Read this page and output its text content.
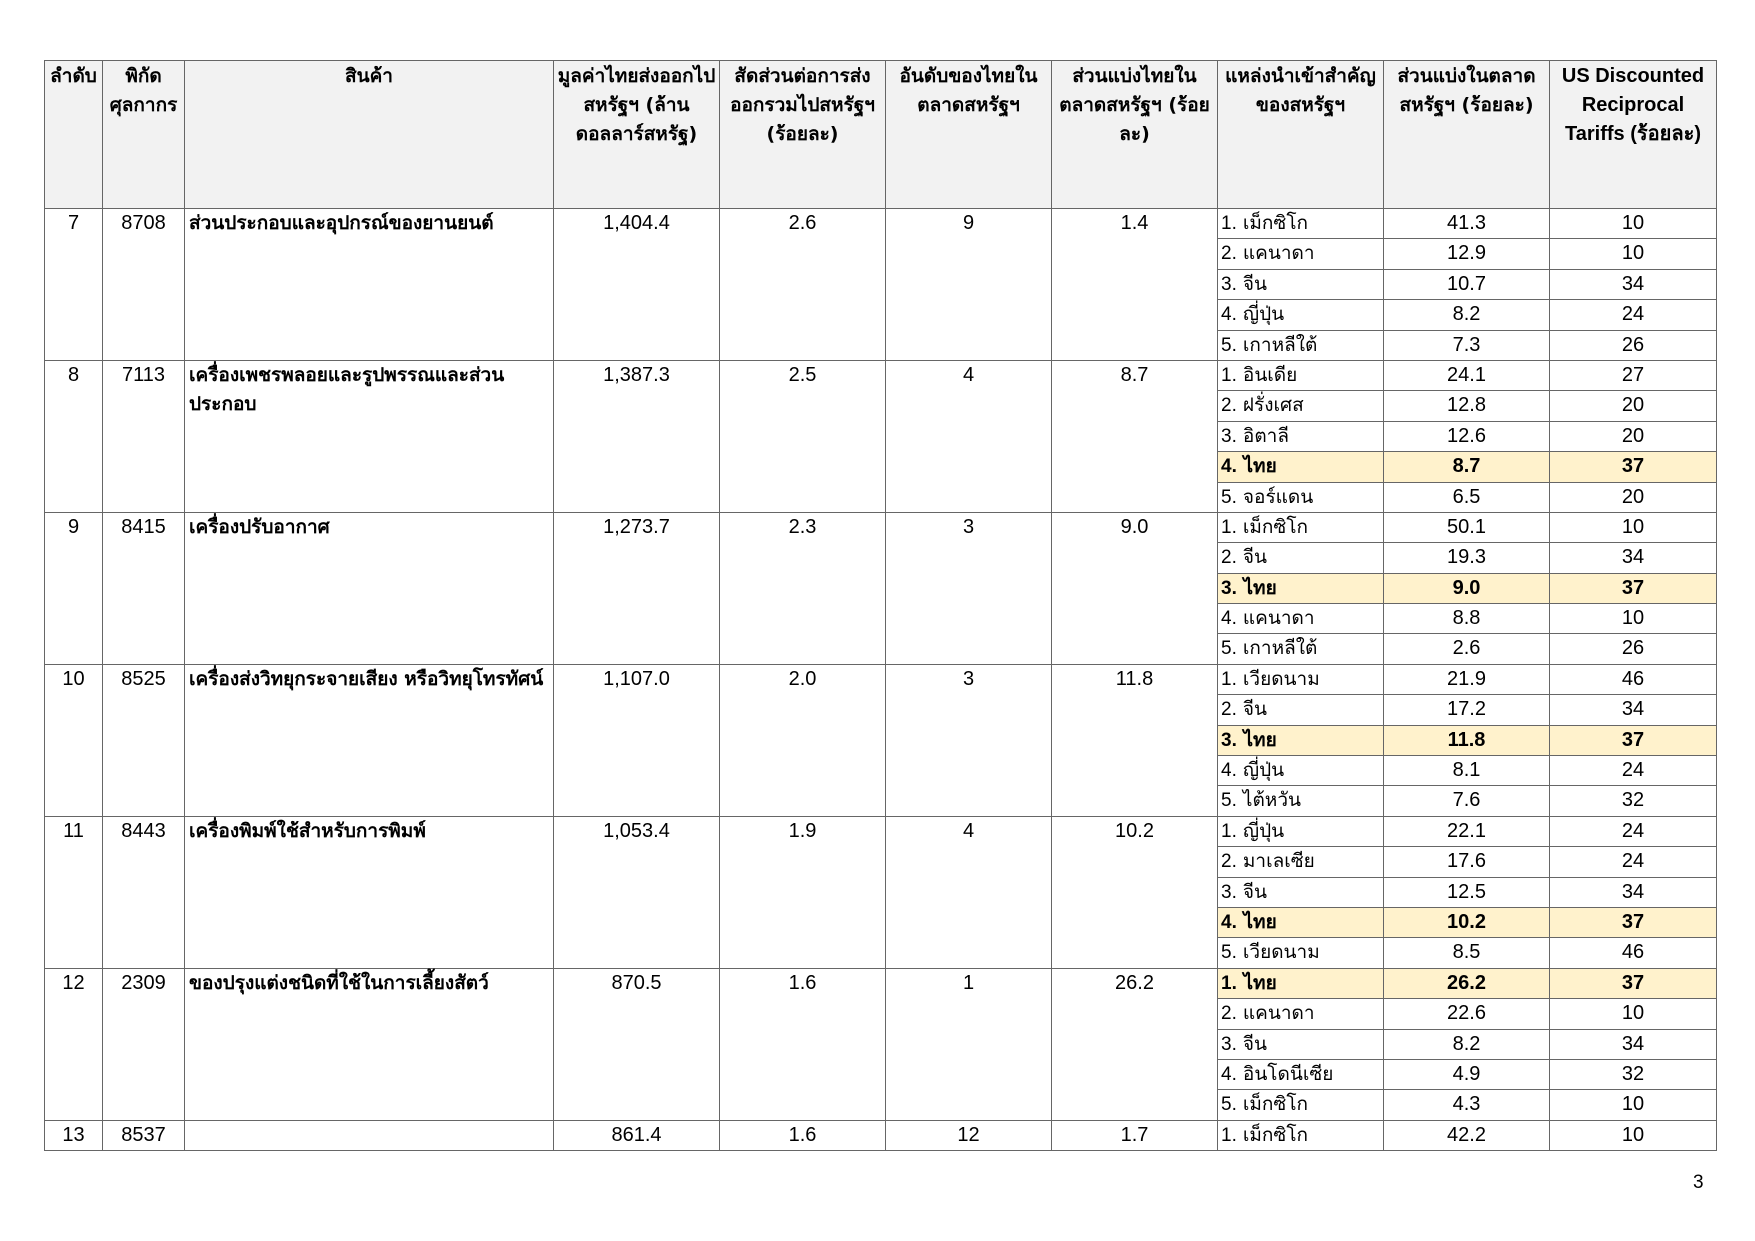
ลำดับ	พิกัดศุลกากร	สินค้า	มูลค่าไทยส่งออกไปสหรัฐฯ (ล้านดอลลาร์สหรัฐ)	สัดส่วนต่อการส่งออกรวมไปสหรัฐฯ (ร้อยละ)	อันดับของไทยในตลาดสหรัฐฯ	ส่วนแบ่งไทยในตลาดสหรัฐฯ (ร้อยละ)	แหล่งนำเข้าสำคัญของสหรัฐฯ	ส่วนแบ่งในตลาดสหรัฐฯ (ร้อยละ)	US Discounted Reciprocal Tariffs (ร้อยละ)
7	8708	ส่วนประกอบและอุปกรณ์ของยานยนต์	1,404.4	2.6	9	1.4	1. เม็กซิโก	41.3	10
							2. แคนาดา	12.9	10
							3. จีน	10.7	34
							4. ญี่ปุ่น	8.2	24
							5. เกาหลีใต้	7.3	26
8	7113	เครื่องเพชรพลอยและรูปพรรณและส่วนประกอบ	1,387.3	2.5	4	8.7	1. อินเดีย	24.1	27
							2. ฝรั่งเศส	12.8	20
							3. อิตาลี	12.6	20
							4. ไทย	8.7	37
							5. จอร์แดน	6.5	20
9	8415	เครื่องปรับอากาศ	1,273.7	2.3	3	9.0	1. เม็กซิโก	50.1	10
							2. จีน	19.3	34
							3. ไทย	9.0	37
							4. แคนาดา	8.8	10
							5. เกาหลีใต้	2.6	26
10	8525	เครื่องส่งวิทยุกระจายเสียง หรือวิทยุโทรทัศน์	1,107.0	2.0	3	11.8	1. เวียดนาม	21.9	46
							2. จีน	17.2	34
							3. ไทย	11.8	37
							4. ญี่ปุ่น	8.1	24
							5. ไต้หวัน	7.6	32
11	8443	เครื่องพิมพ์ใช้สำหรับการพิมพ์	1,053.4	1.9	4	10.2	1. ญี่ปุ่น	22.1	24
							2. มาเลเซีย	17.6	24
							3. จีน	12.5	34
							4. ไทย	10.2	37
							5. เวียดนาม	8.5	46
12	2309	ของปรุงแต่งชนิดที่ใช้ในการเลี้ยงสัตว์	870.5	1.6	1	26.2	1. ไทย	26.2	37
							2. แคนาดา	22.6	10
							3. จีน	8.2	34
							4. อินโดนีเซีย	4.9	32
							5. เม็กซิโก	4.3	10
13	8537		861.4	1.6	12	1.7	1. เม็กซิโก	42.2	10
3
